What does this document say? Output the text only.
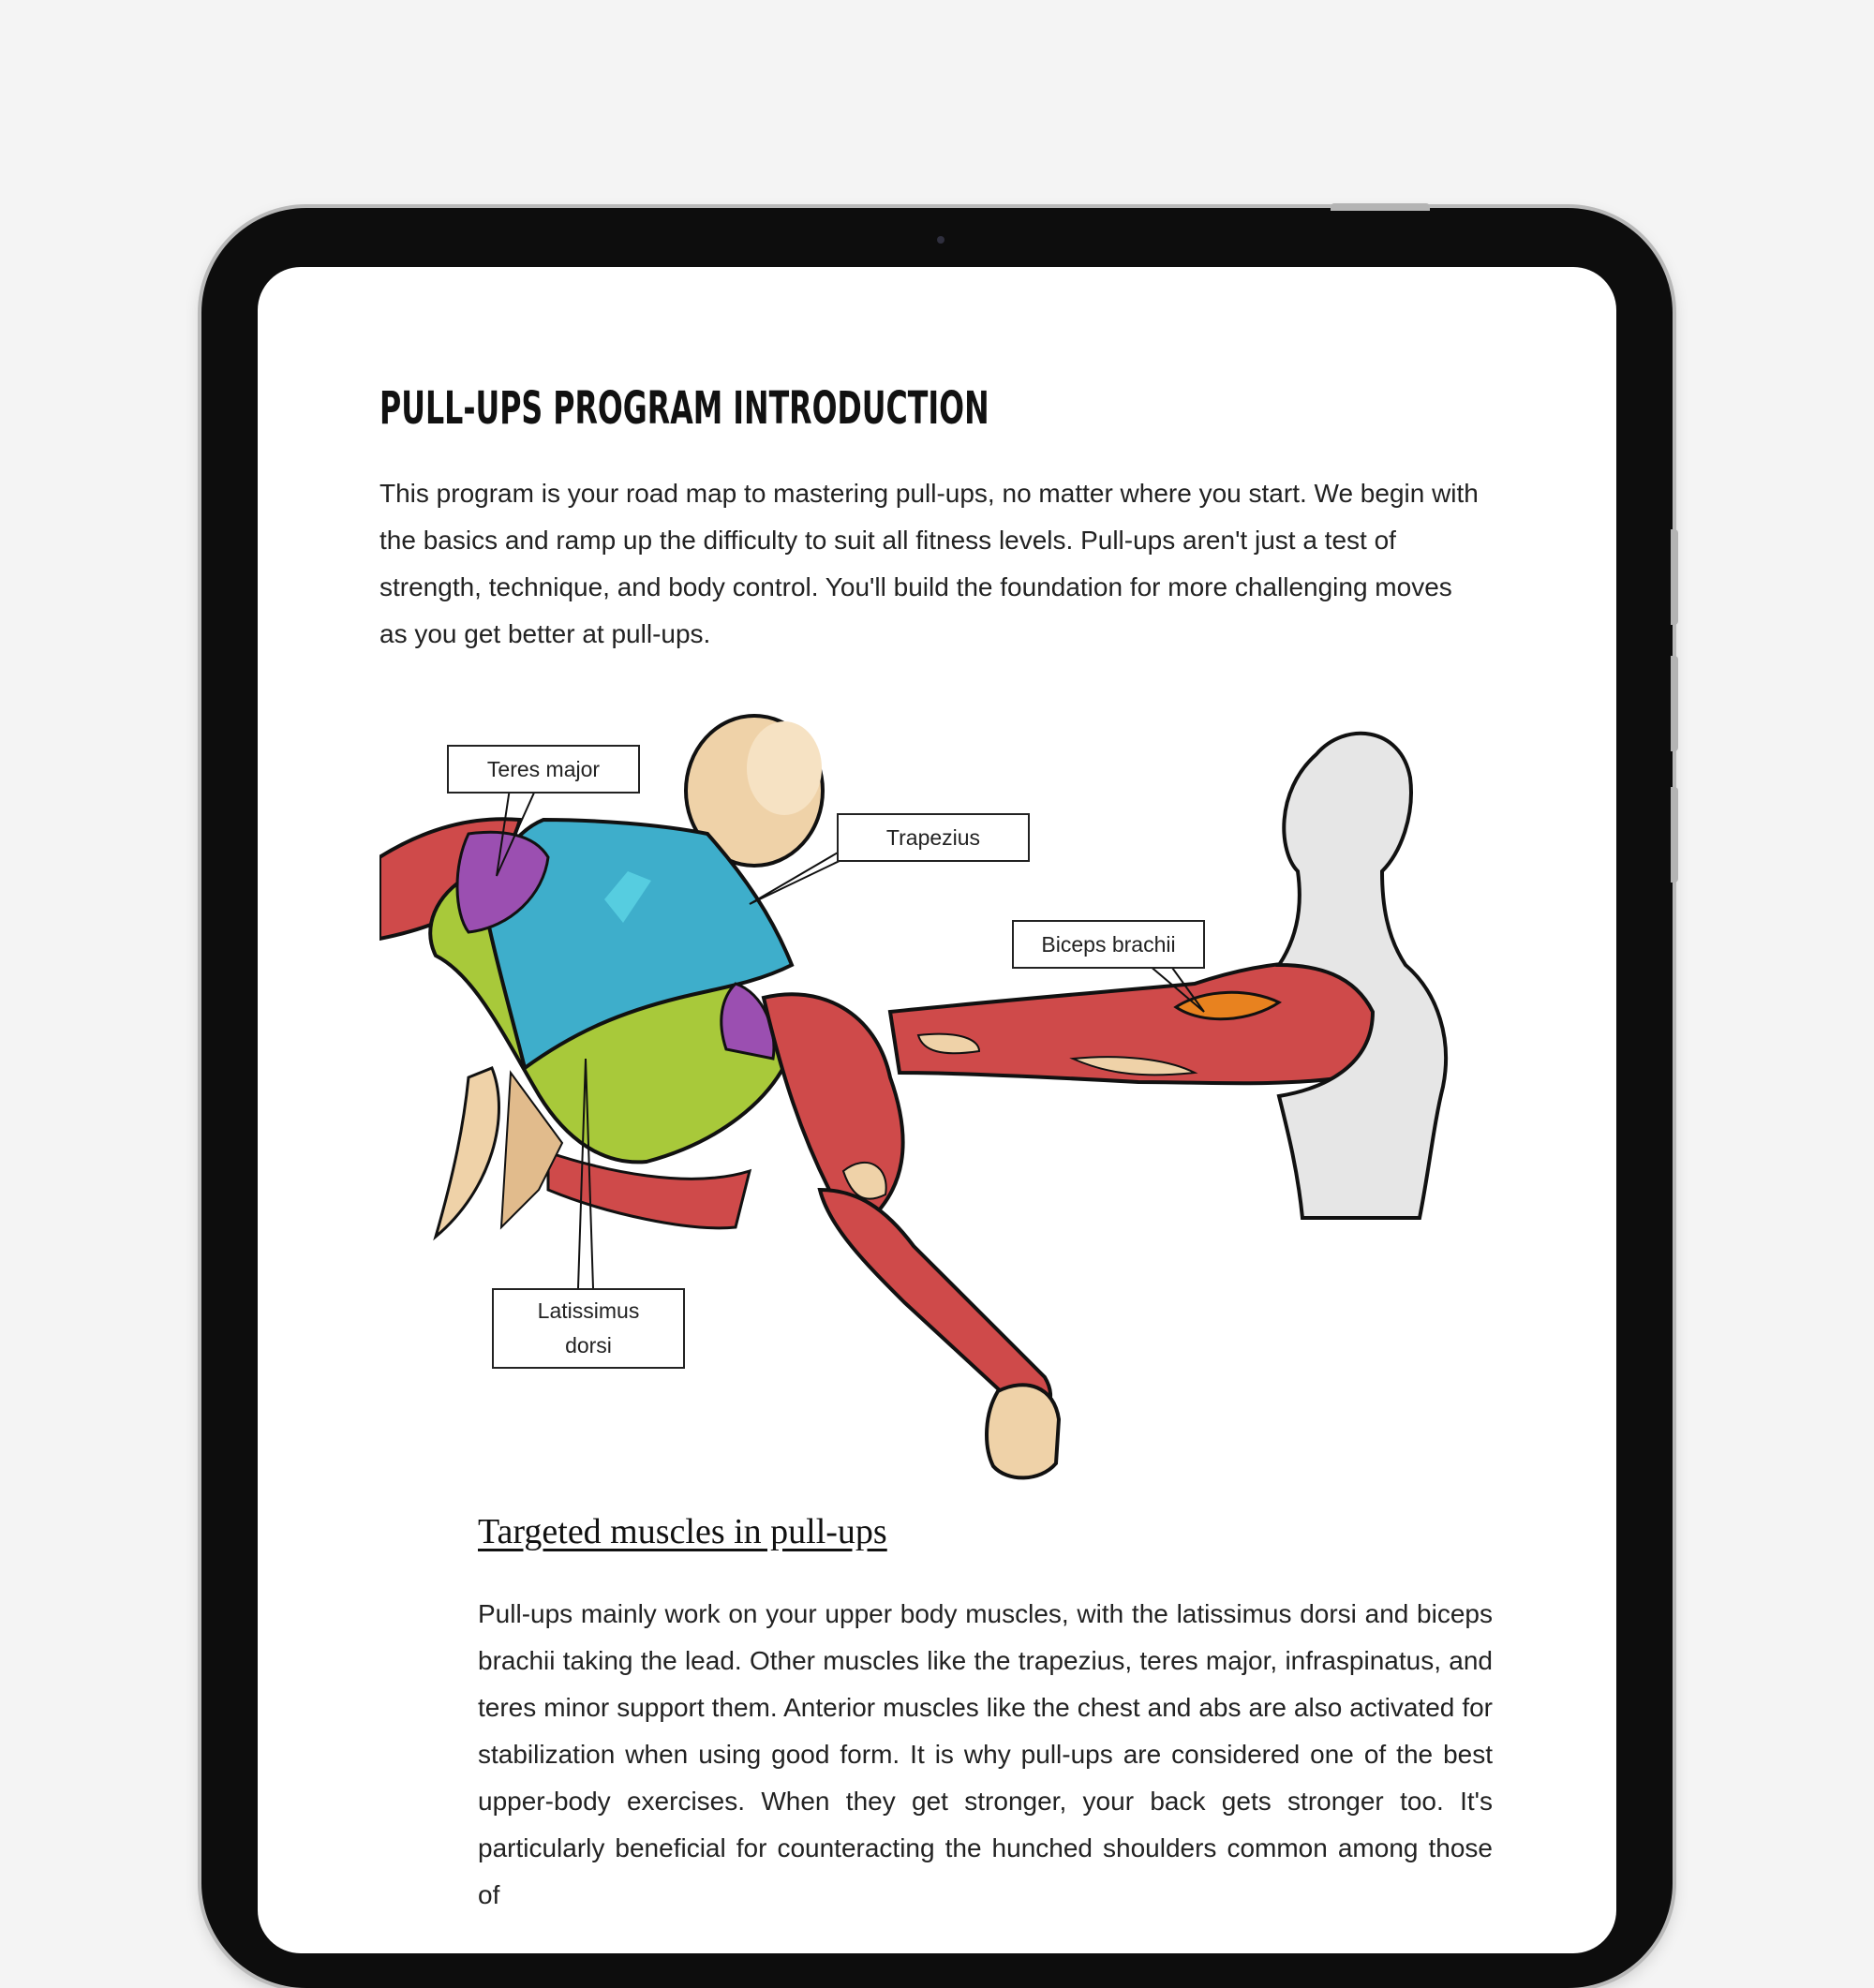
PULL-UPS PROGRAM INTRODUCTION

This program is your road map to mastering pull-ups, no matter where you start. We begin with the basics and ramp up the difficulty to suit all fitness levels. Pull-ups aren't just a test of strength, technique, and body control. You'll build the foundation for more challenging moves as you get better at pull-ups.

Teres major
Trapezius
Biceps brachii
Latissimus
dorsi
Targeted muscles in pull-ups

Pull-ups mainly work on your upper body muscles, with the latissimus dorsi and biceps brachii taking the lead. Other muscles like the trapezius, teres major, infraspinatus, and teres minor support them. Anterior muscles like the chest and abs are also activated for stabilization when using good form. It is why pull-ups are considered one of the best upper-body exercises. When they get stronger, your back gets stronger too. It's particularly beneficial for counteracting the hunched shoulders common among those of
